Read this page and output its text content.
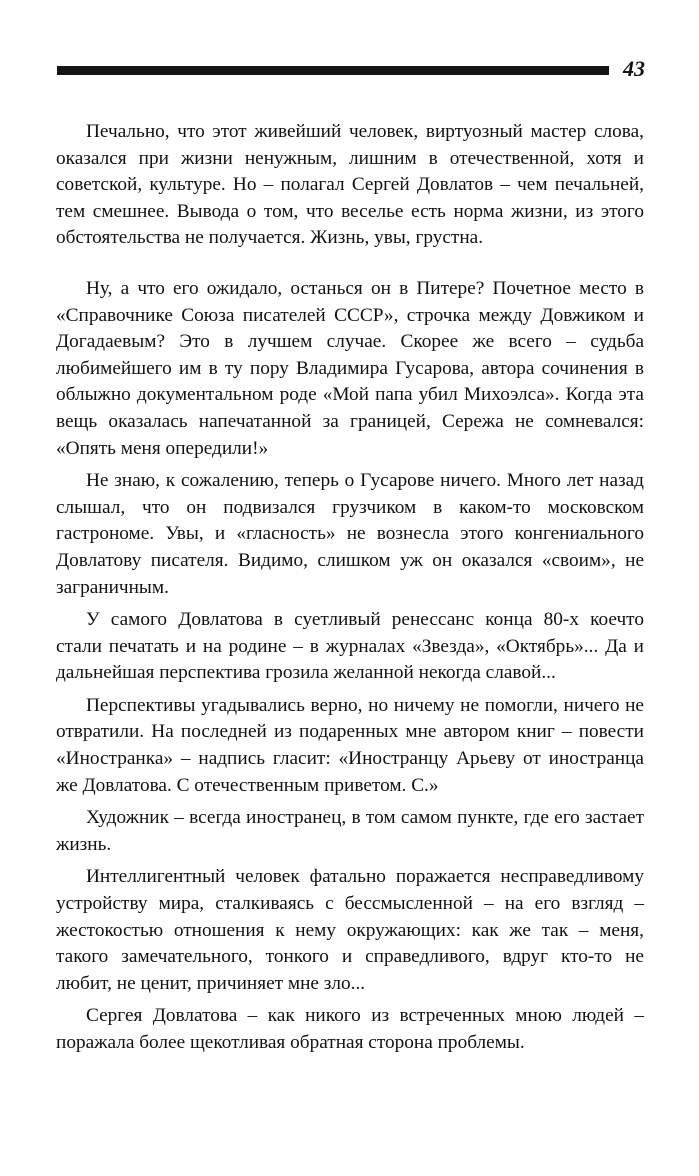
43

Печально, что этот живейший человек, виртуозный мастер слова, оказался при жизни ненужным, лишним в отечественной, хотя и советской, культуре. Но – полагал Сергей Довлатов – чем печальней, тем смешнее. Вывода о том, что веселье есть норма жизни, из этого обстоятельства не получается. Жизнь, увы, грустна.

Ну, а что его ожидало, останься он в Питере? Почетное место в «Справочнике Союза писателей СССР», строчка между Довжиком и Догадаевым? Это в лучшем случае. Скорее же всего – судьба любимейшего им в ту пору Владимира Гусарова, автора сочинения в облыжно документальном роде «Мой папа убил Михоэлса». Когда эта вещь оказалась напечатанной за границей, Сережа не сомневался: «Опять меня опередили!»

Не знаю, к сожалению, теперь о Гусарове ничего. Много лет назад слышал, что он подвизался грузчиком в каком-то московском гастрономе. Увы, и «гласность» не вознесла этого конгениального Довлатову писателя. Видимо, слишком уж он оказался «своим», не заграничным.

У самого Довлатова в суетливый ренессанс конца 80-х коечто стали печатать и на родине – в журналах «Звезда», «Октябрь»... Да и дальнейшая перспектива грозила желанной некогда славой...

Перспективы угадывались верно, но ничему не помогли, ничего не отвратили. На последней из подаренных мне автором книг – повести «Иностранка» – надпись гласит: «Иностранцу Арьеву от иностранца же Довлатова. С отечественным приветом. С.»

Художник – всегда иностранец, в том самом пункте, где его застает жизнь.

Интеллигентный человек фатально поражается несправедливому устройству мира, сталкиваясь с бессмысленной – на его взгляд – жестокостью отношения к нему окружающих: как же так – меня, такого замечательного, тонкого и справедливого, вдруг кто-то не любит, не ценит, причиняет мне зло...

Сергея Довлатова – как никого из встреченных мною людей – поражала более щекотливая обратная сторона проблемы.
